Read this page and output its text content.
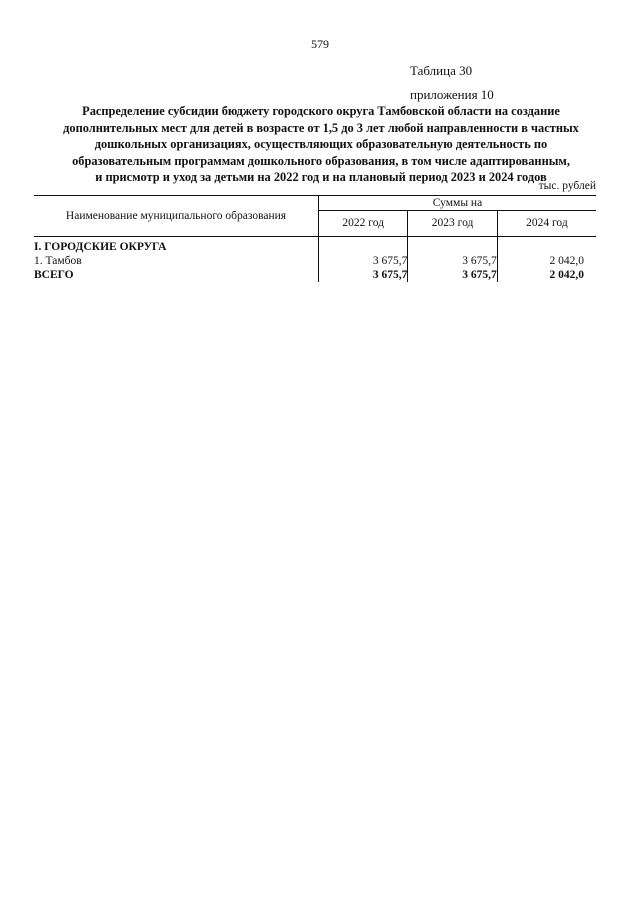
579
Таблица 30
приложения 10
Распределение субсидии бюджету городского округа Тамбовской области на создание
дополнительных мест для детей в возрасте от 1,5 до 3 лет любой направленности в частных
дошкольных организациях, осуществляющих образовательную деятельность по
образовательным программам дошкольного образования, в том числе адаптированным,
и присмотр и уход за детьми на 2022 год и на плановый период 2023 и 2024 годов
тыс. рублей
Наименование муниципального образования	Суммы на		
	2022 год	2023 год	2024 год
I. ГОРОДСКИЕ ОКРУГА			
1. Тамбов	3 675,7	3 675,7	2 042,0
ВСЕГО	3 675,7	3 675,7	2 042,0
